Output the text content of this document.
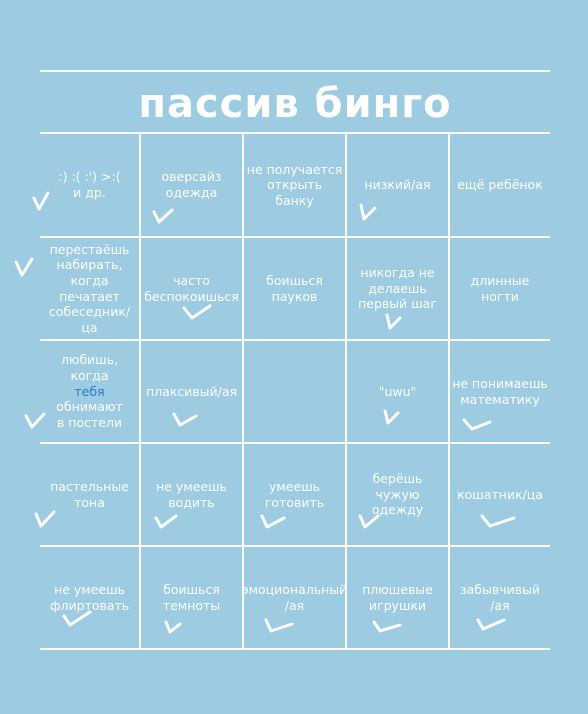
пассив бинго
:) :( :') >:(
и др.
оверсайз
одежда
не получается
открыть банку
низкий/ая ещё ребёнок
перестаёшь
набирать,
когда печатает
собеседник/ца
часто
беспокоишься
боишься
пауков
никогда не
делаешь
первый шаг
длинные ногти
любишь, когда
тебя обнимают
в постели
плаксивый/ая	"uwu"
не понимаешь
математику
пастельные
тона
не умеешь
водить
умеешь
готовить
берёшь чужую
одежду
кошатник/ца
не умеешь
флиртовать
боишься
темноты
эмоциональный
/ая
плюшевые
игрушки
забывчивый
/ая
